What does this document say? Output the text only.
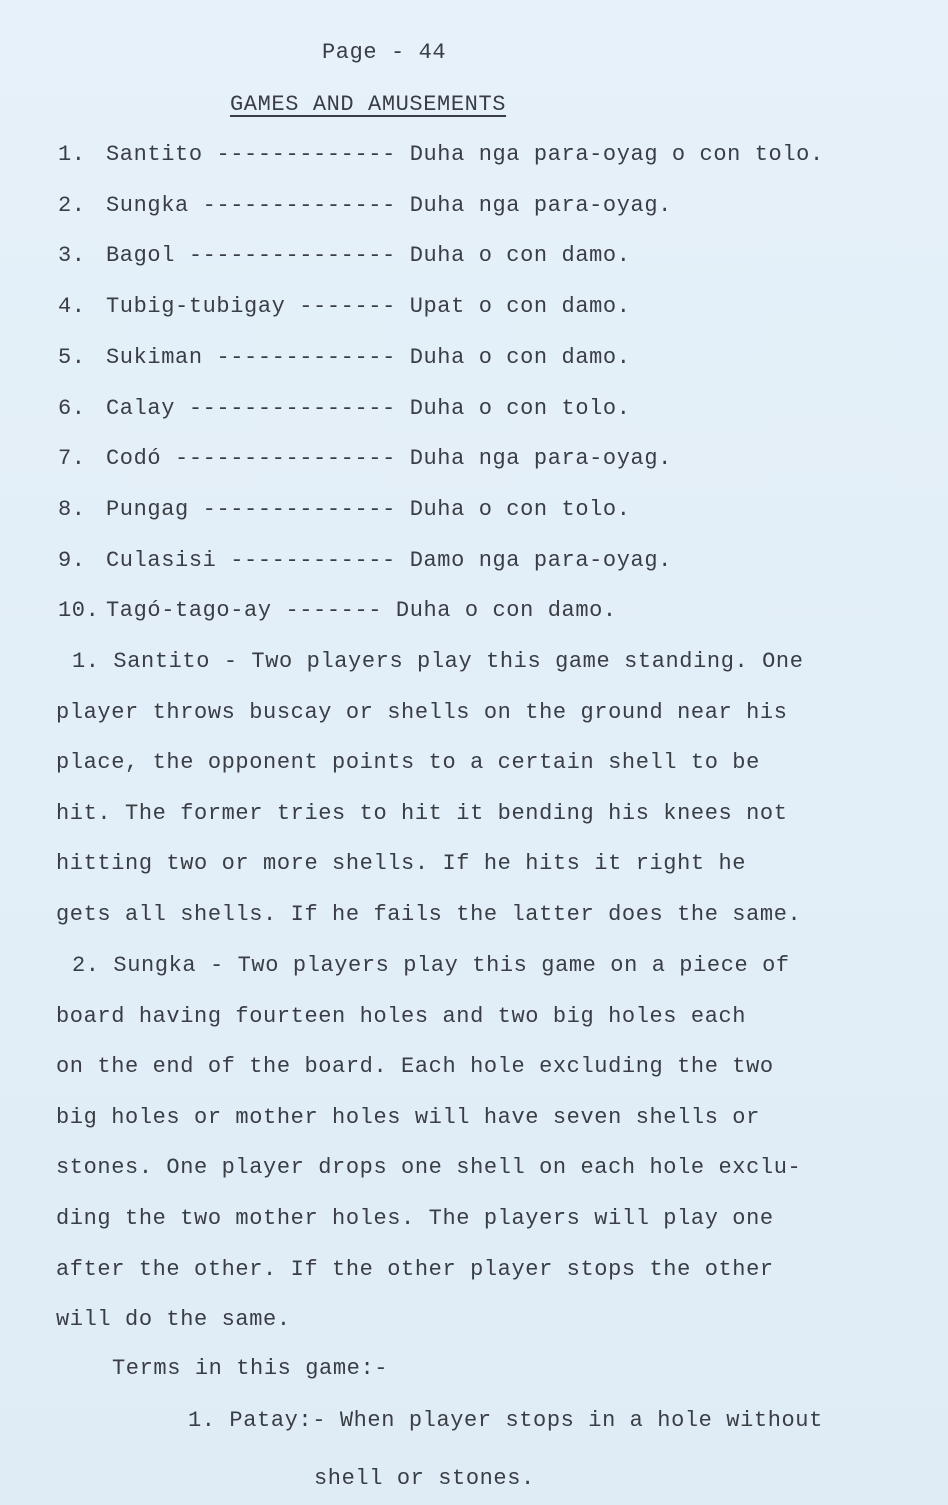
Page - 44
GAMES AND AMUSEMENTS
1. Santito ------------- Duha nga para-oyag o con tolo.
2. Sungka -------------- Duha nga para-oyag.
3. Bagol --------------- Duha o con damo.
4. Tubig-tubigay ------- Upat o con damo.
5. Sukiman ------------- Duha o con damo.
6. Calay --------------- Duha o con tolo.
7. Codó ---------------- Duha nga para-oyag.
8. Pungag -------------- Duha o con tolo.
9. Culasisi ------------ Damo nga para-oyag.
10. Tagó-tago-ay ------- Duha o con damo.
1. Santito - Two players play this game standing. One
player throws buscay or shells on the ground near his
place, the opponent points to a certain shell to be
hit. The former tries to hit it bending his knees not
hitting two or more shells. If he hits it right he
gets all shells. If he fails the latter does the same.
2. Sungka - Two players play this game on a piece of
board having fourteen holes and two big holes each
on the end of the board. Each hole excluding the two
big holes or mother holes will have seven shells or
stones. One player drops one shell on each hole exclu-
ding the two mother holes. The players will play one
after the other. If the other player stops the other
will do the same.
Terms in this game:-
1. Patay:- When player stops in a hole without
shell or stones.
